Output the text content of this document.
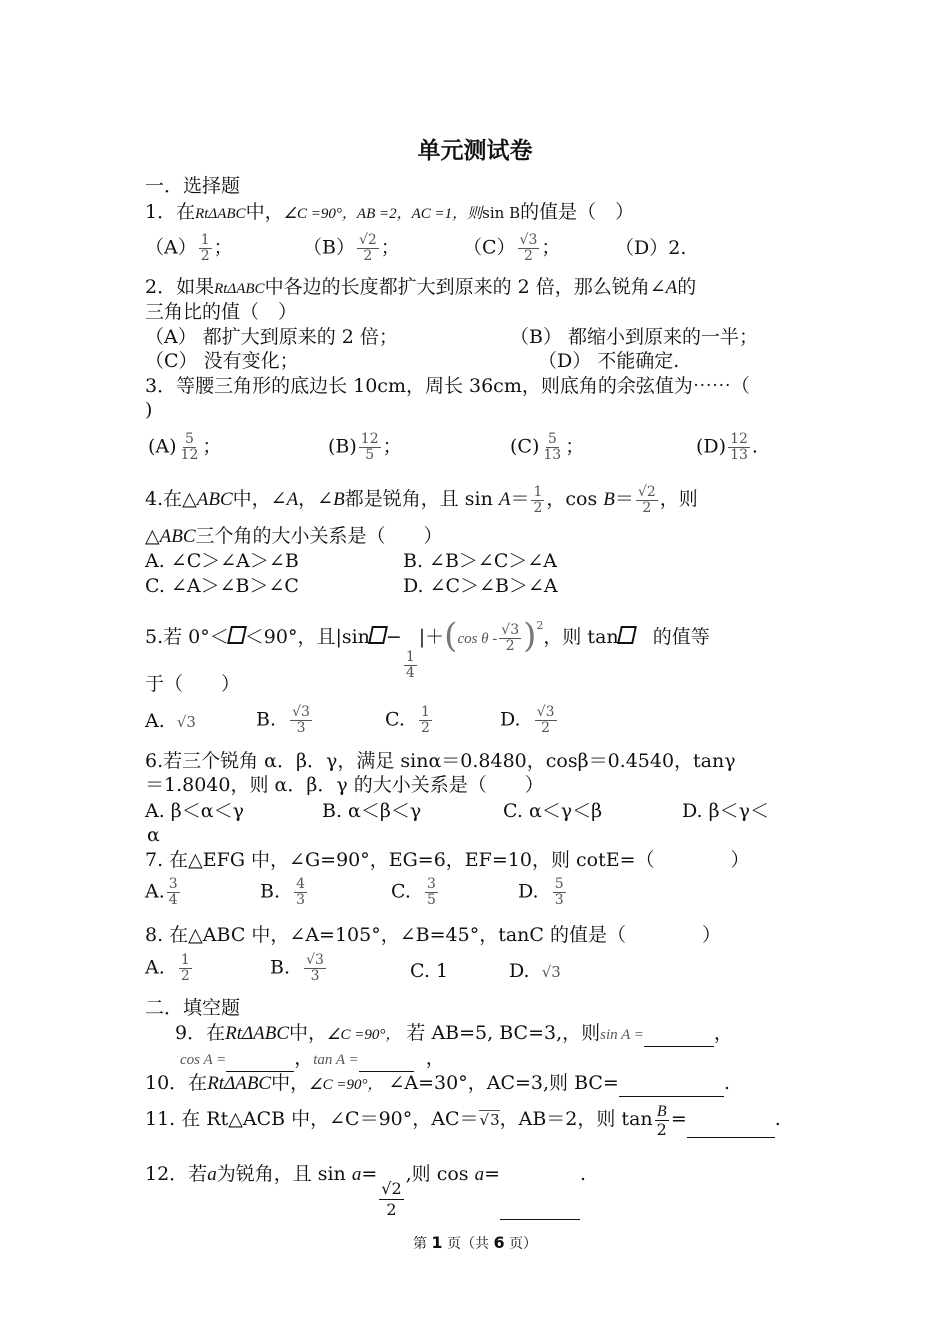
单元测试卷
一．选择题
1．在RtΔABC中，∠C =90°，AB =2，AC =1，则sin B的值是（　）
$(A) \frac{1}{2}$ ；	$(B) \frac{√2}{2}$ ；	$(C) \frac{√3}{2}$ ；	（D）2.
2．如果RtΔABC中各边的长度都扩大到原来的 2 倍，那么锐角∠A的
三角比的值（　）
（A） 都扩大到原来的 2 倍；	（B） 都缩小到原来的一半；
（C） 没有变化；	（D） 不能确定.
3．等腰三角形的底边长 10cm，周长 36cm，则底角的余弦值为⋯⋯（
)
$(A) \frac{5}{12}$ ；	$(B) \frac{12}{5}$ ；	$(C) \frac{5}{13}$ ；	$(D) \frac{12}{13}$ .
4.在△ABC中，∠A，∠B都是锐角，且 $\sin A= \frac{1}{2}$ ，$\cos B= \frac{√2}{2}$ ，则
△ABC三个角的大小关系是（　　）
A. ∠C＞∠A＞∠B	B. ∠B＞∠C＞∠A
C. ∠A＞∠B＞∠C	D. ∠C＞∠B＞∠A
5.若 0°＜ ＜90°，且|sin −
$\frac{1}{4}$
|＋(cos θ - $\frac{√3}{2} )^2$，则 tan 的值等
于（　　）
A. √3	B. $\frac{√3}{3}$	C. $\frac{1}{2}$	D. $\frac{√3}{2}$
6.若三个锐角 α．β．γ，满足 sinα＝0.8480，cosβ＝0.4540，tanγ
＝1.8040，则 α．β．γ 的大小关系是（　　）
A. β＜α＜γ	B. α＜β＜γ	C. α＜γ＜β	D. β＜γ＜
α
7. 在△EFG 中，∠G=90°，EG=6，EF=10，则 cotE=（　　　　）
A. $\frac{3}{4}$	B. $\frac{4}{3}$	C. $\frac{3}{5}$	D. $\frac{5}{3}$
8. 在△ABC 中，∠A=105°，∠B=45°，tanC 的值是（　　　　）
A. $\frac{1}{2}$	B. $\frac{√3}{3}$	C. 1	D. √3
二．填空题
9．在RtΔABC中，∠C =90°， 若 AB=5, BC=3,，则sin A =	，
cos A =	，tan A =	，
10．在RtΔABC中，∠C =90°， ∠A=30°，AC=3,则 BC=	.
11. 在 Rt△ACB 中，∠C＝90°，AC＝√3，AB＝2，则 $\tan \frac{B}{2}$ =	.
12．若a为锐角，且 sin a=
$\frac{√2}{2}$
,则 cos a=	.
第 1 页（共 6 页）
